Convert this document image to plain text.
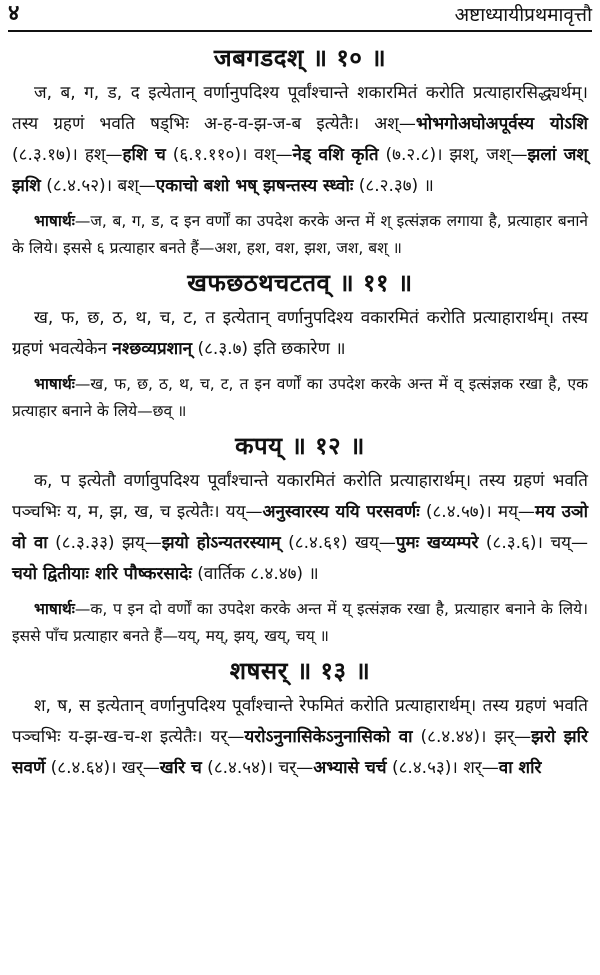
४	अष्टाध्यायीप्रथमावृत्तौ
जबगडदश् ॥ १० ॥

ज, ब, ग, ड, द इत्येतान् वर्णानुपदिश्य पूर्वांश्चान्ते शकारमितं करोति प्रत्याहारसिद्ध्यर्थम्। तस्य ग्रहणं भवति षड्भिः अ-ह-व-झ-ज-ब इत्येतैः। अश्—भोभगोअघोअपूर्वस्य योऽशि (८.३.१७)। हश्—हशि च (६.१.११०)। वश्—नेड् वशि कृति (७.२.८)। झश्, जश्—झलां जश् झशि (८.४.५२)। बश्—एकाचो बशो भष् झषन्तस्य स्ध्वोः (८.२.३७) ॥

भाषार्थः—ज, ब, ग, ड, द इन वर्णों का उपदेश करके अन्त में श् इत्संज्ञक लगाया है, प्रत्याहार बनाने के लिये। इससे ६ प्रत्याहार बनते हैं—अश, हश, वश, झश, जश, बश् ॥

खफछठथचटतव् ॥ ११ ॥

ख, फ, छ, ठ, थ, च, ट, त इत्येतान् वर्णानुपदिश्य वकारमितं करोति प्रत्याहारार्थम्। तस्य ग्रहणं भवत्येकेन नश्छव्यप्रशान् (८.३.७) इति छकारेण ॥

भाषार्थः—ख, फ, छ, ठ, थ, च, ट, त इन वर्णों का उपदेश करके अन्त में व् इत्संज्ञक रखा है, एक प्रत्याहार बनाने के लिये—छव् ॥

कपय् ॥ १२ ॥

क, प इत्येतौ वर्णावुपदिश्य पूर्वांश्चान्ते यकारमितं करोति प्रत्याहारार्थम्। तस्य ग्रहणं भवति पञ्चभिः य, म, झ, ख, च इत्येतैः। यय्—अनुस्वारस्य ययि परसवर्णः (८.४.५७)। मय्—मय उञो वो वा (८.३.३३) झय्—झयो होऽन्यतरस्याम् (८.४.६१) खय्—पुमः खय्यम्परे (८.३.६)। चय्—चयो द्वितीयाः शरि पौष्करसादेः (वार्तिक ८.४.४७) ॥

भाषार्थः—क, प इन दो वर्णों का उपदेश करके अन्त में य् इत्संज्ञक रखा है, प्रत्याहार बनाने के लिये। इससे पाँच प्रत्याहार बनते हैं—यय्, मय्, झय्, खय्, चय् ॥

शषसर् ॥ १३ ॥

श, ष, स इत्येतान् वर्णानुपदिश्य पूर्वांश्चान्ते रेफमितं करोति प्रत्याहारार्थम्। तस्य ग्रहणं भवति पञ्चभिः य-झ-ख-च-श इत्येतैः। यर्—यरोऽनुनासिकेऽनुनासिको वा (८.४.४४)। झर्—झरो झरि सवर्णे (८.४.६४)। खर्—खरि च (८.४.५४)। चर्—अभ्यासे चर्च (८.४.५३)। शर्—वा शरि
